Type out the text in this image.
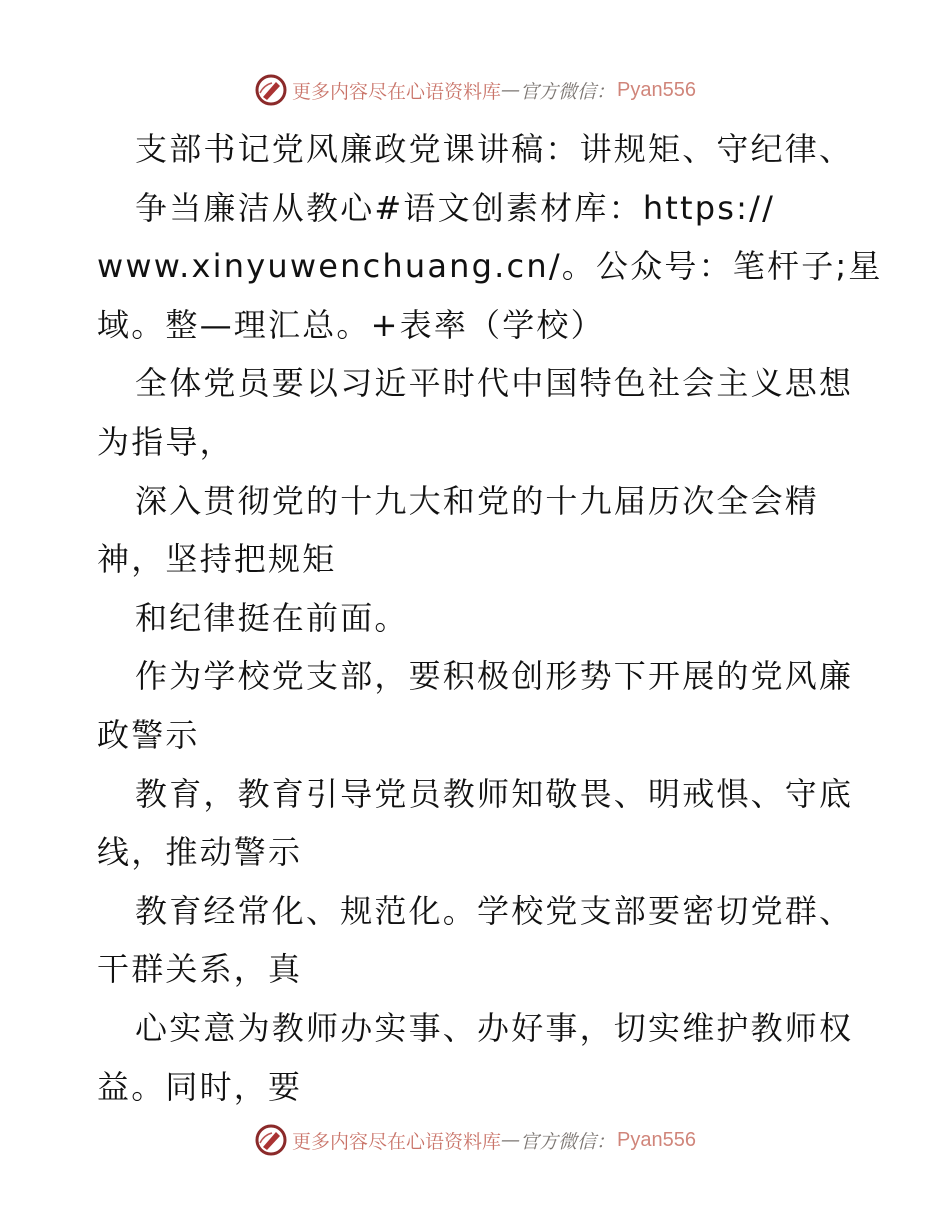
更多内容尽在心语资料库 — 官方微信： Pyan556
支部书记党风廉政党课讲稿：讲规矩、守纪律、
争当廉洁从教心#语文创素材库：https://
www.xinyuwenchuang.cn/。公众号：笔杆子;星
域。整—理汇总。+表率（学校）
全体党员要以习近平时代中国特色社会主义思想
为指导，
深入贯彻党的十九大和党的十九届历次全会精
神，坚持把规矩
和纪律挺在前面。
作为学校党支部，要积极创形势下开展的党风廉
政警示
教育，教育引导党员教师知敬畏、明戒惧、守底
线，推动警示
教育经常化、规范化。学校党支部要密切党群、
干群关系，真
心实意为教师办实事、办好事，切实维护教师权
益。同时，要
更多内容尽在心语资料库 — 官方微信： Pyan556
